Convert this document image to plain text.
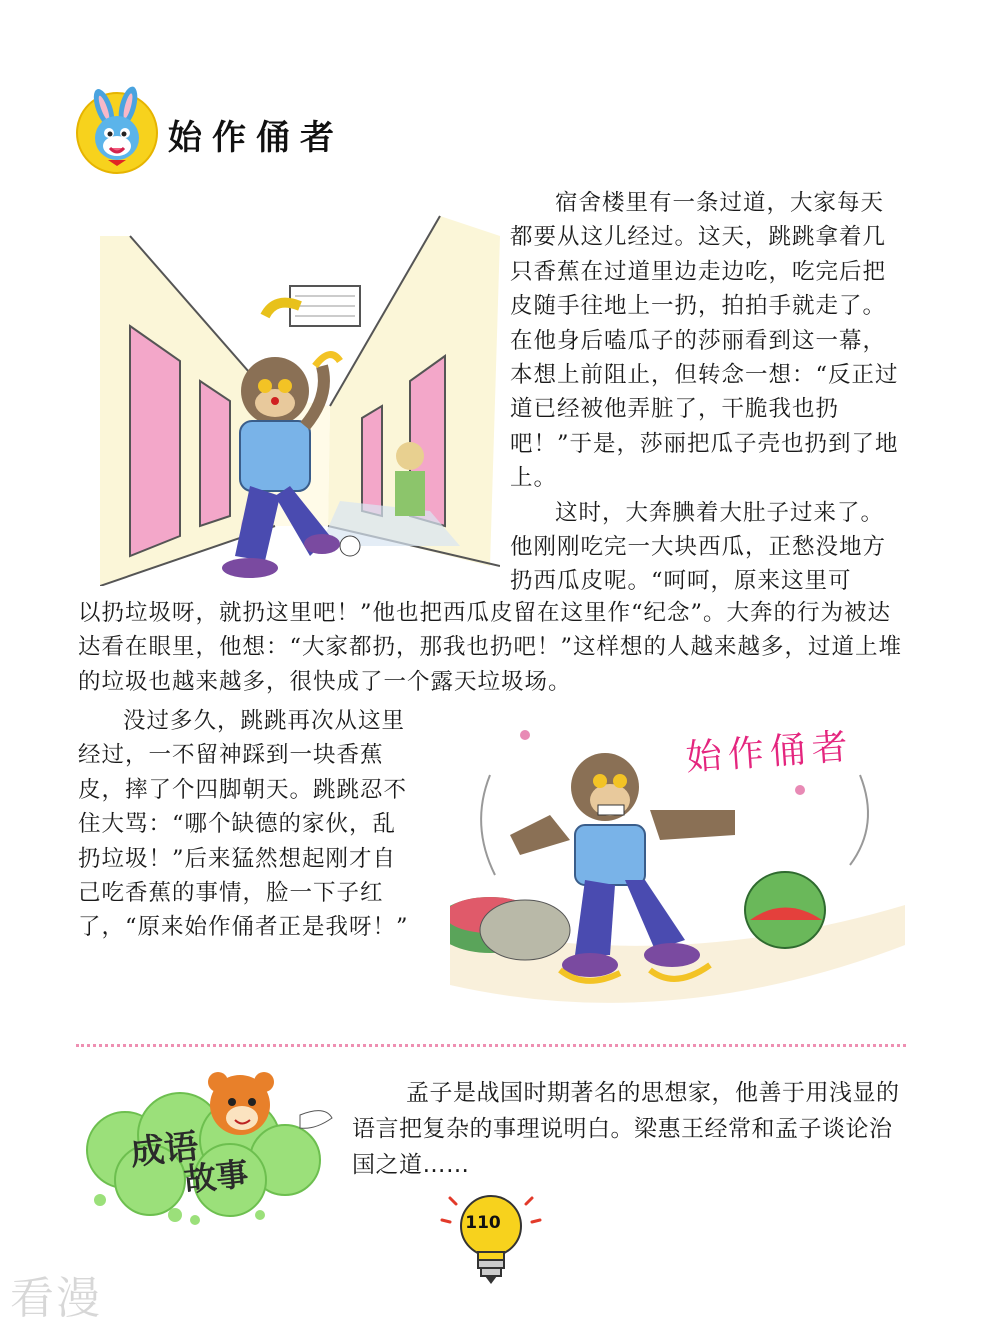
始作俑者

宿舍楼里有一条过道，大家每天都要从这儿经过。这天，跳跳拿着几只香蕉在过道里边走边吃，吃完后把皮随手往地上一扔，拍拍手就走了。在他身后嗑瓜子的莎丽看到这一幕，本想上前阻止，但转念一想：“反正过道已经被他弄脏了，干脆我也扔吧！”于是，莎丽把瓜子壳也扔到了地上。

这时，大奔腆着大肚子过来了。他刚刚吃完一大块西瓜，正愁没地方扔西瓜皮呢。“呵呵，原来这里可

以扔垃圾呀，就扔这里吧！”他也把西瓜皮留在这里作“纪念”。大奔的行为被达达看在眼里，他想：“大家都扔，那我也扔吧！”这样想的人越来越多，过道上堆的垃圾也越来越多，很快成了一个露天垃圾场。

没过多久，跳跳再次从这里经过，一不留神踩到一块香蕉皮，摔了个四脚朝天。跳跳忍不住大骂：“哪个缺德的家伙，乱扔垃圾！”后来猛然想起刚才自己吃香蕉的事情，脸一下子红了，“原来始作俑者正是我呀！”

始作俑者
成语
故事

孟子是战国时期著名的思想家，他善于用浅显的语言把复杂的事理说明白。梁惠王经常和孟子谈论治国之道……

110
看漫
